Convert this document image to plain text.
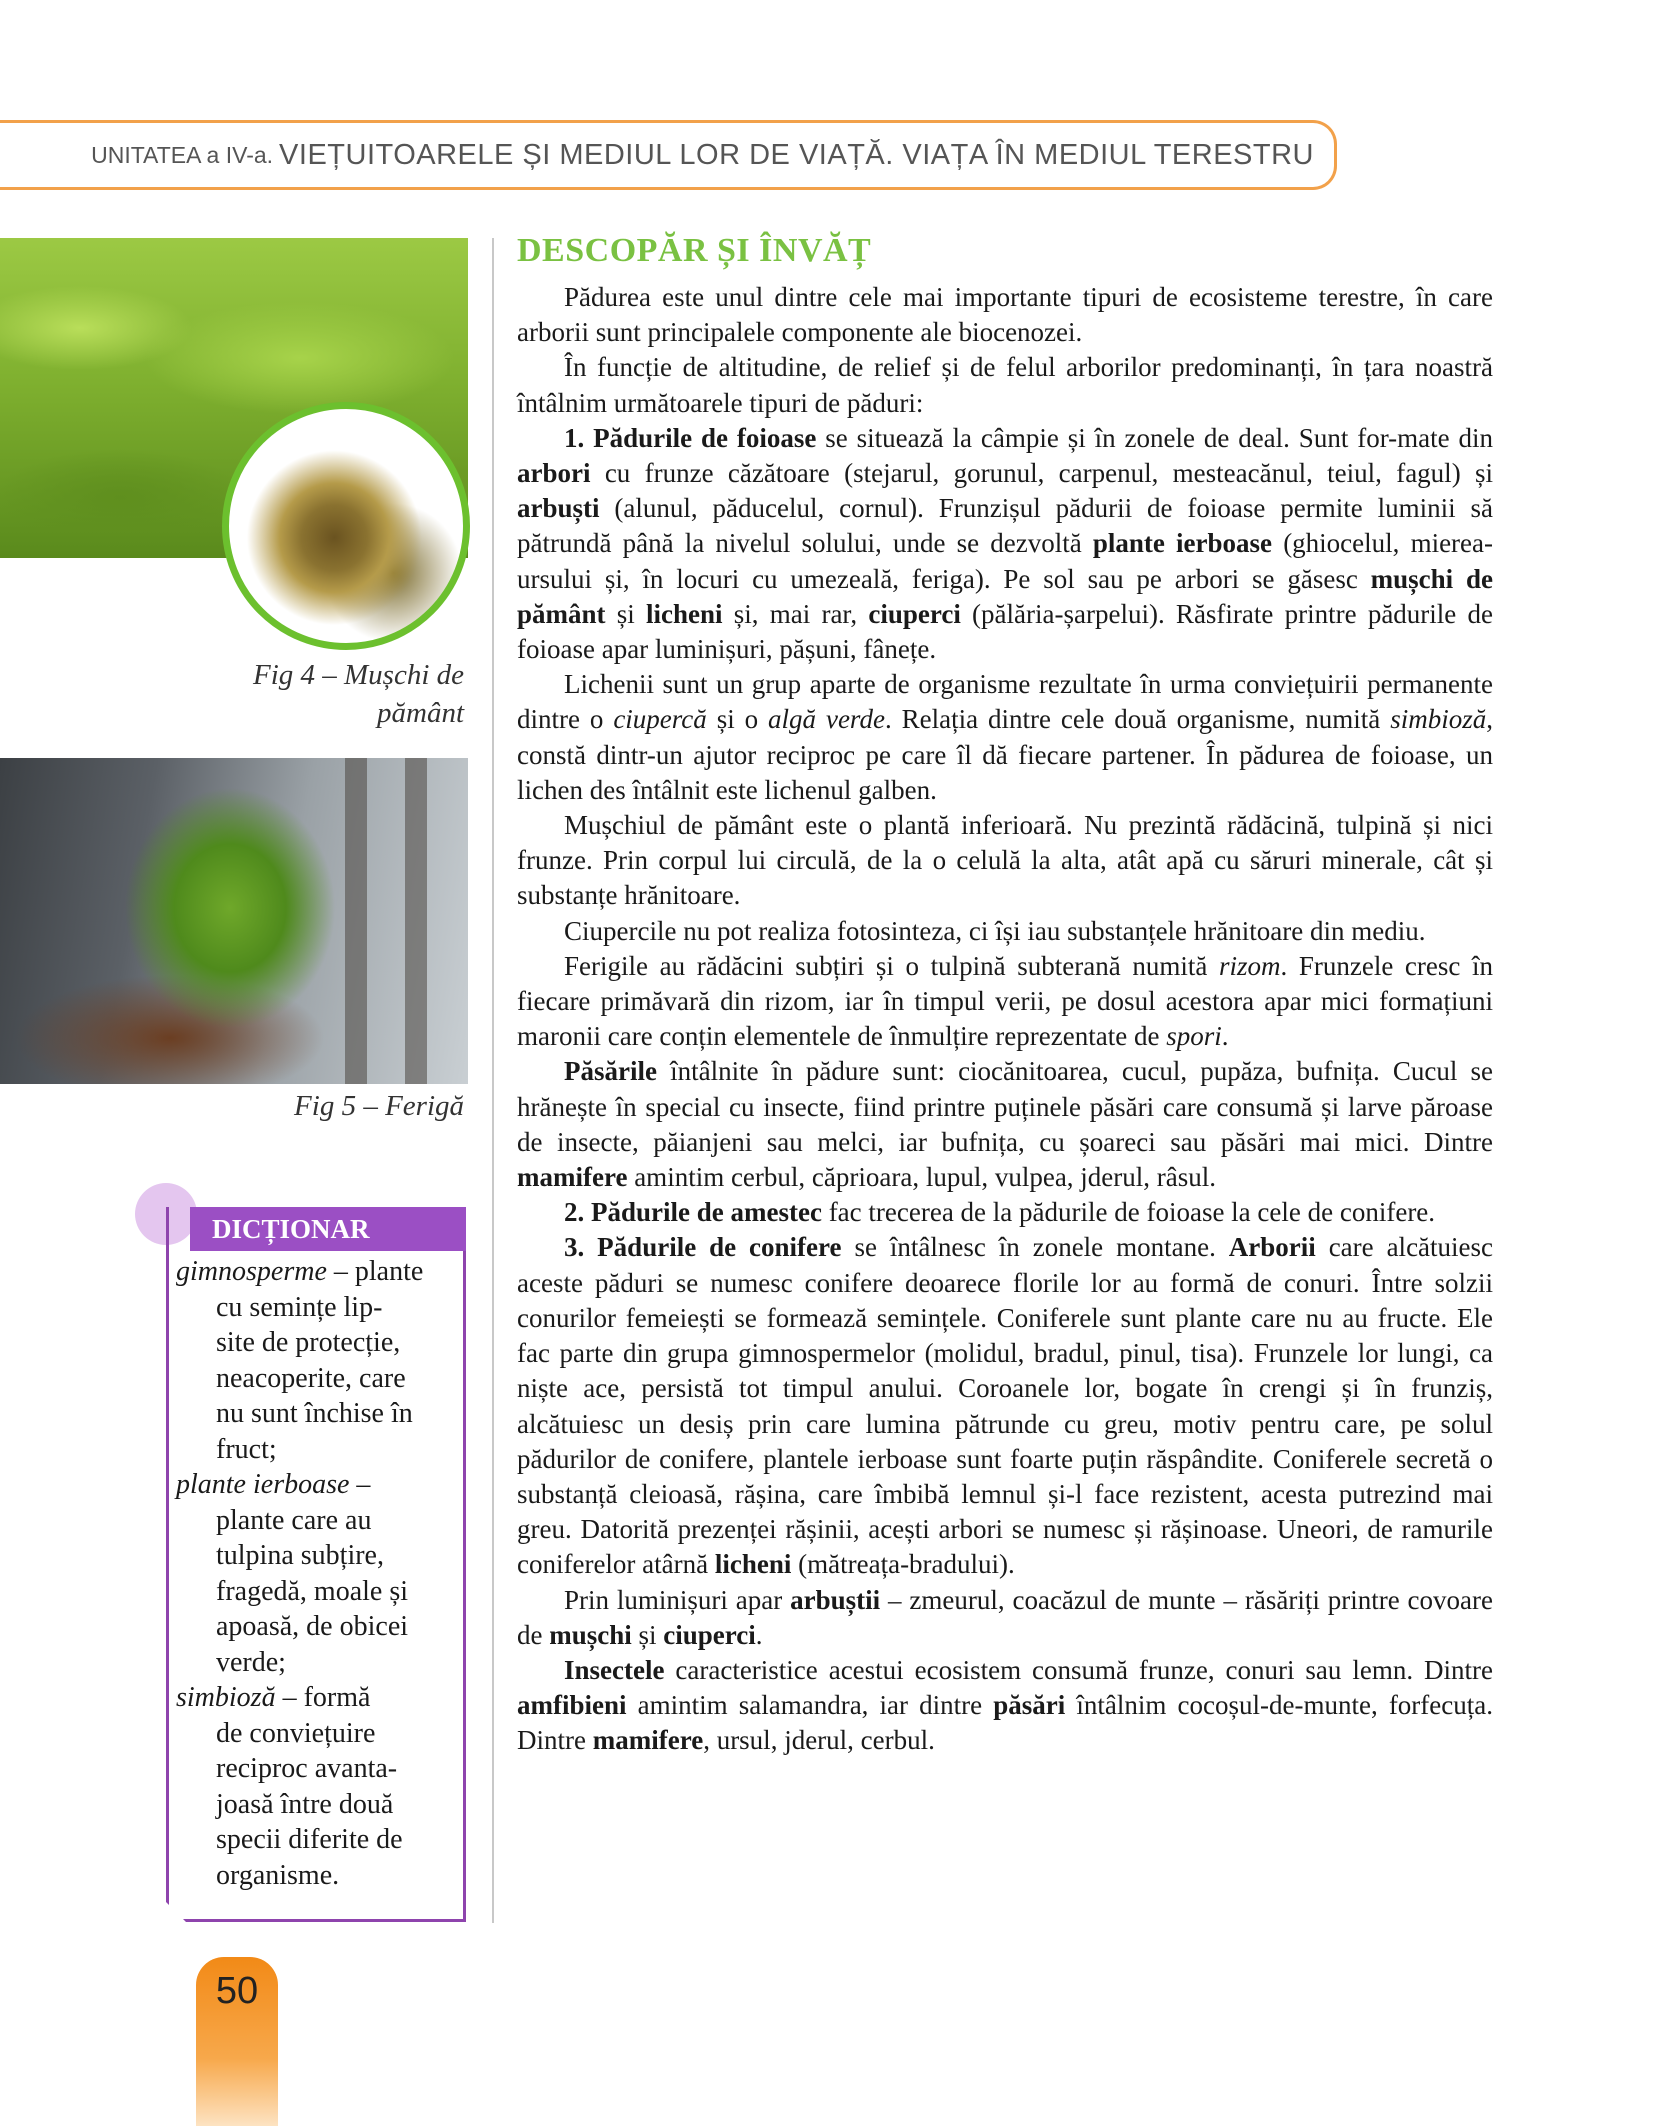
UNITATEA a IV-a. VIEȚUITOARELE ȘI MEDIUL LOR DE VIAȚĂ. VIAȚA ÎN MEDIUL TERESTRU
Fig 4 – Mușchi de
pământ
Fig 5 – Ferigă
DICȚIONAR
gimnosperme – plante
cu semințe lip-
site de protecție,
neacoperite, care
nu sunt închise în
fruct;
plante ierboase –
plante care au
tulpina subțire,
fragedă, moale și
apoasă, de obicei
verde;
simbioză – formă
de conviețuire
reciproc avanta-
joasă între două
specii diferite de
organisme.
DESCOPĂR ȘI ÎNVĂȚ

Pădurea este unul dintre cele mai importante tipuri de ecosisteme terestre, în care arborii sunt principalele componente ale biocenozei.

În funcție de altitudine, de relief și de felul arborilor predominanți, în țara noastră întâlnim următoarele tipuri de păduri:

1. Pădurile de foioase se situează la câmpie și în zonele de deal. Sunt for-mate din arbori cu frunze căzătoare (stejarul, gorunul, carpenul, mesteacănul, teiul, fagul) și arbuști (alunul, păducelul, cornul). Frunzișul pădurii de foioase permite luminii să pătrundă până la nivelul solului, unde se dezvoltă plante ierboase (ghiocelul, mierea-ursului și, în locuri cu umezeală, feriga). Pe sol sau pe arbori se găsesc mușchi de pământ și licheni și, mai rar, ciuperci (pălăria-șarpelui). Răsfirate printre pădurile de foioase apar luminișuri, pășuni, fânețe.

Lichenii sunt un grup aparte de organisme rezultate în urma conviețuirii permanente dintre o ciupercă și o algă verde. Relația dintre cele două organisme, numită simbioză, constă dintr-un ajutor reciproc pe care îl dă fiecare partener. În pădurea de foioase, un lichen des întâlnit este lichenul galben.

Mușchiul de pământ este o plantă inferioară. Nu prezintă rădăcină, tulpină și nici frunze. Prin corpul lui circulă, de la o celulă la alta, atât apă cu săruri minerale, cât și substanțe hrănitoare.

Ciupercile nu pot realiza fotosinteza, ci își iau substanțele hrănitoare din mediu.

Ferigile au rădăcini subțiri și o tulpină subterană numită rizom. Frunzele cresc în fiecare primăvară din rizom, iar în timpul verii, pe dosul acestora apar mici formațiuni maronii care conțin elementele de înmulțire reprezentate de spori.

Păsările întâlnite în pădure sunt: ciocănitoarea, cucul, pupăza, bufnița. Cucul se hrănește în special cu insecte, fiind printre puținele păsări care consumă și larve păroase de insecte, păianjeni sau melci, iar bufnița, cu șoareci sau păsări mai mici. Dintre mamifere amintim cerbul, căprioara, lupul, vulpea, jderul, râsul.

2. Pădurile de amestec fac trecerea de la pădurile de foioase la cele de conifere.

3. Pădurile de conifere se întâlnesc în zonele montane. Arborii care alcătuiesc aceste păduri se numesc conifere deoarece florile lor au formă de conuri. Între solzii conurilor femeiești se formează semințele. Coniferele sunt plante care nu au fructe. Ele fac parte din grupa gimnospermelor (molidul, bradul, pinul, tisa). Frunzele lor lungi, ca niște ace, persistă tot timpul anului. Coroanele lor, bogate în crengi și în frunziș, alcătuiesc un desiș prin care lumina pătrunde cu greu, motiv pentru care, pe solul pădurilor de conifere, plantele ierboase sunt foarte puțin răspândite. Coniferele secretă o substanță cleioasă, rășina, care îmbibă lemnul și-l face rezistent, acesta putrezind mai greu. Datorită prezenței rășinii, acești arbori se numesc și rășinoase. Uneori, de ramurile coniferelor atârnă licheni (mătreața-bradului).

Prin luminișuri apar arbuștii – zmeurul, coacăzul de munte – răsăriți printre covoare de mușchi și ciuperci.

Insectele caracteristice acestui ecosistem consumă frunze, conuri sau lemn. Dintre amfibieni amintim salamandra, iar dintre păsări întâlnim cocoșul-de-munte, forfecuța. Dintre mamifere, ursul, jderul, cerbul.

50
